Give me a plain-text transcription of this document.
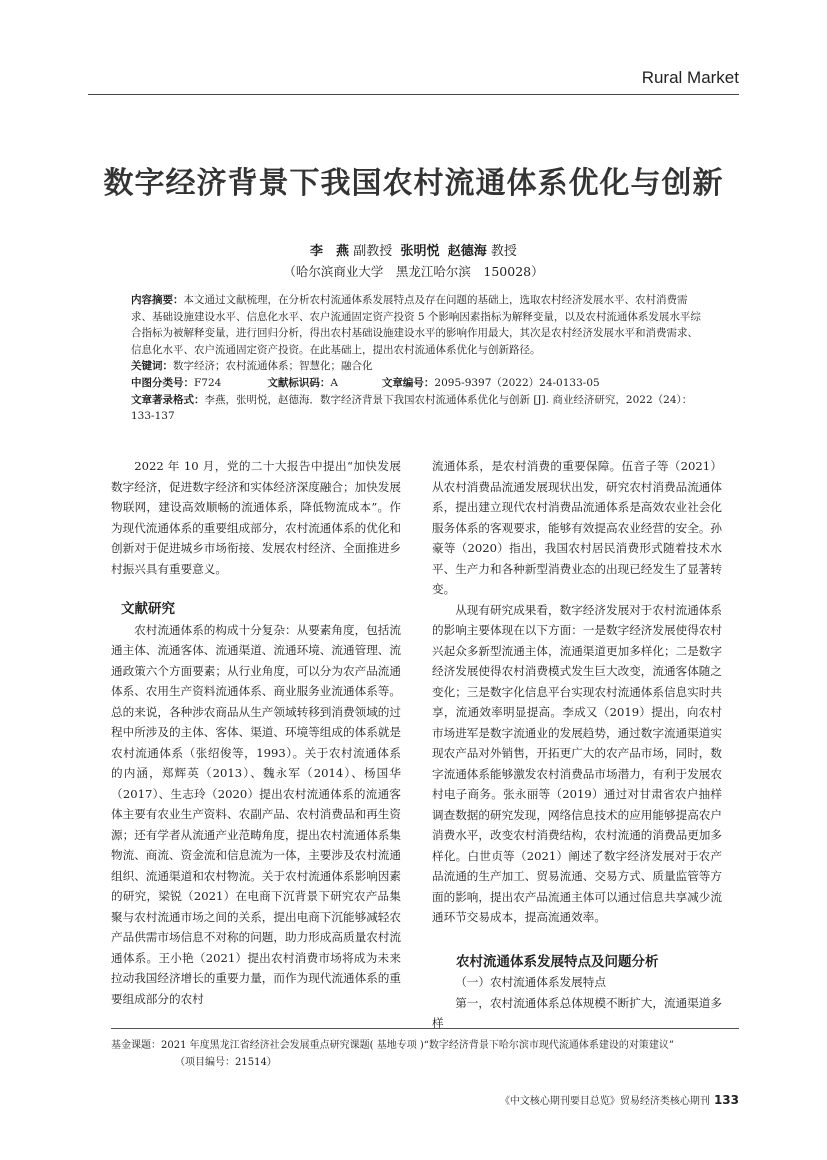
Rural Market
数字经济背景下我国农村流通体系优化与创新
李　燕 副教授 张明悦 赵德海 教授
（哈尔滨商业大学　黑龙江哈尔滨　150028）

内容摘要：本文通过文献梳理，在分析农村流通体系发展特点及存在问题的基础上，选取农村经济发展水平、农村消费需求、基础设施建设水平、信息化水平、农户流通固定资产投资 5 个影响因素指标为解释变量，以及农村流通体系发展水平综合指标为被解释变量，进行回归分析，得出农村基础设施建设水平的影响作用最大，其次是农村经济发展水平和消费需求、信息化水平、农户流通固定资产投资。在此基础上，提出农村流通体系优化与创新路径。

关键词：数字经济；农村流通体系；智慧化；融合化

中图分类号：F724	文献标识码：A	文章编号：2095-9397（2022）24-0133-05

文章著录格式：李燕，张明悦，赵德海．数字经济背景下我国农村流通体系优化与创新 [J]. 商业经济研究，2022（24）：133-137

2022 年 10 月，党的二十大报告中提出“加快发展数字经济，促进数字经济和实体经济深度融合；加快发展物联网，建设高效顺畅的流通体系，降低物流成本”。作为现代流通体系的重要组成部分，农村流通体系的优化和创新对于促进城乡市场衔接、发展农村经济、全面推进乡村振兴具有重要意义。

文献研究

农村流通体系的构成十分复杂：从要素角度，包括流通主体、流通客体、流通渠道、流通环境、流通管理、流通政策六个方面要素；从行业角度，可以分为农产品流通体系、农用生产资料流通体系、商业服务业流通体系等。总的来说，各种涉农商品从生产领域转移到消费领域的过程中所涉及的主体、客体、渠道、环境等组成的体系就是农村流通体系（张绍俊等，1993）。关于农村流通体系的内涵，郑辉英（2013）、魏永军（2014）、杨国华（2017）、生志玲（2020）提出农村流通体系的流通客体主要有农业生产资料、农副产品、农村消费品和再生资源；还有学者从流通产业范畴角度，提出农村流通体系集物流、商流、资金流和信息流为一体，主要涉及农村流通组织、流通渠道和农村物流。关于农村流通体系影响因素的研究，梁锐（2021）在电商下沉背景下研究农产品集聚与农村流通市场之间的关系，提出电商下沉能够减轻农产品供需市场信息不对称的问题，助力形成高质量农村流通体系。王小艳（2021）提出农村消费市场将成为未来拉动我国经济增长的重要力量，而作为现代流通体系的重要组成部分的农村

流通体系，是农村消费的重要保障。伍音子等（2021）从农村消费品流通发展现状出发，研究农村消费品流通体系，提出建立现代农村消费品流通体系是高效农业社会化服务体系的客观要求，能够有效提高农业经营的安全。孙豪等（2020）指出，我国农村居民消费形式随着技术水平、生产力和各种新型消费业态的出现已经发生了显著转变。

从现有研究成果看，数字经济发展对于农村流通体系的影响主要体现在以下方面：一是数字经济发展使得农村兴起众多新型流通主体，流通渠道更加多样化；二是数字经济发展使得农村消费模式发生巨大改变，流通客体随之变化；三是数字化信息平台实现农村流通体系信息实时共享，流通效率明显提高。李成又（2019）提出，向农村市场进军是数字流通业的发展趋势，通过数字流通渠道实现农产品对外销售，开拓更广大的农产品市场，同时，数字流通体系能够激发农村消费品市场潜力，有利于发展农村电子商务。张永丽等（2019）通过对甘肃省农户抽样调查数据的研究发现，网络信息技术的应用能够提高农户消费水平，改变农村消费结构，农村流通的消费品更加多样化。白世贞等（2021）阐述了数字经济发展对于农产品流通的生产加工、贸易流通、交易方式、质量监管等方面的影响，提出农产品流通主体可以通过信息共享减少流通环节交易成本，提高流通效率。

农村流通体系发展特点及问题分析

（一）农村流通体系发展特点

第一，农村流通体系总体规模不断扩大，流通渠道多样

基金课题：2021 年度黑龙江省经济社会发展重点研究课题( 基地专项 )“数字经济背景下哈尔滨市现代流通体系建设的对策建议”
（项目编号：21514）
《中文核心期刊要目总览》贸易经济类核心期刊 133
